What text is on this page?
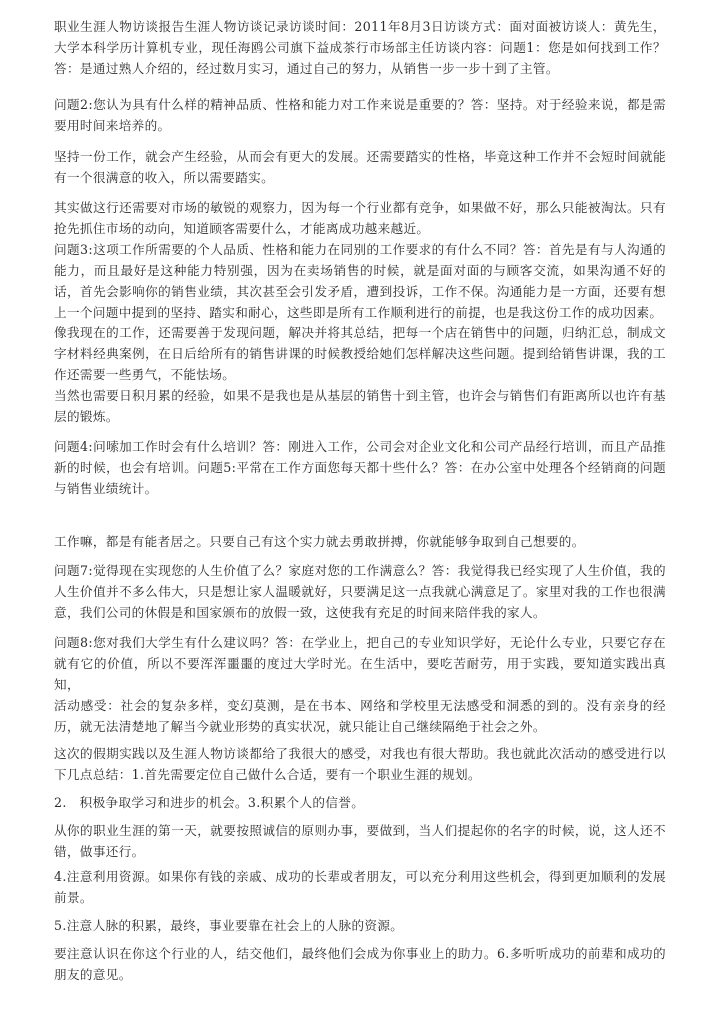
职业生涯人物访谈报告生涯人物访谈记录访谈时间：2011年8月3日访谈方式：面对面被访谈人：黄先生，大学本科学历计算机专业，现任海鸥公司旗下益成茶行市场部主任访谈内容：问题1：您是如何找到工作？答：是通过熟人介绍的，经过数月实习，通过自己的努力，从销售一步一步十到了主管。

问题2:您认为具有什么样的精神品质、性格和能力对工作来说是重要的？答：坚持。对于经验来说，都是需要用时间来培养的。

坚持一份工作，就会产生经验，从而会有更大的发展。还需要踏实的性格，毕竟这种工作并不会短时间就能有一个很满意的收入，所以需要踏实。

其实做这行还需要对市场的敏锐的观察力，因为每一个行业都有竞争，如果做不好，那么只能被淘汰。只有抢先抓住市场的动向，知道顾客需要什么，才能离成功越来越近。

问题3:这项工作所需要的个人品质、性格和能力在同别的工作要求的有什么不同？答：首先是有与人沟通的能力，而且最好是这种能力特别强，因为在卖场销售的时候，就是面对面的与顾客交流，如果沟通不好的话，首先会影响你的销售业绩，其次甚至会引发矛盾，遭到投诉，工作不保。沟通能力是一方面，还要有想上一个问题中提到的坚持、踏实和耐心，这些即是所有工作顺利进行的前提，也是我这份工作的成功因素。

像我现在的工作，还需要善于发现问题，解决并将其总结，把每一个店在销售中的问题，归纳汇总，制成文字材料经典案例，在日后给所有的销售讲课的时候教授给她们怎样解决这些问题。提到给销售讲课，我的工作还需要一些勇气，不能怯场。

当然也需要日积月累的经验，如果不是我也是从基层的销售十到主管，也许会与销售们有距离所以也许有基层的锻炼。

问题4:问嗦加工作时会有什么培训？答：刚进入工作，公司会对企业文化和公司产品经行培训，而且产品推新的时候，也会有培训。问题5:平常在工作方面您每天都十些什么？答：在办公室中处理各个经销商的问题与销售业绩统计。

工作嘛，都是有能者居之。只要自己有这个实力就去勇敢拼搏，你就能够争取到自己想要的。

问题7:觉得现在实现您的人生价值了么？家庭对您的工作满意么？答：我觉得我已经实现了人生价值，我的人生价值并不多么伟大，只是想让家人温暖就好，只要满足这一点我就心满意足了。家里对我的工作也很满意，我们公司的休假是和国家颁布的放假一致，这使我有充足的时间来陪伴我的家人。

问题8:您对我们大学生有什么建议吗？答：在学业上，把自己的专业知识学好，无论什么专业，只要它存在就有它的价值，所以不要浑浑噩噩的度过大学时光。在生活中，要吃苦耐劳，用于实践，要知道实践出真知，

活动感受：社会的复杂多样，变幻莫测，是在书本、网络和学校里无法感受和洞悉的到的。没有亲身的经历，就无法清楚地了解当今就业形势的真实状况，就只能让自己继续隔绝于社会之外。

这次的假期实践以及生涯人物访谈都给了我很大的感受，对我也有很大帮助。我也就此次活动的感受进行以下几点总结：1.首先需要定位自己做什么合适，要有一个职业生涯的规划。

2.　积极争取学习和进步的机会。3.积累个人的信誉。

从你的职业生涯的第一天，就要按照诚信的原则办事，要做到，当人们提起你的名字的时候，说，这人还不错，做事还行。

4.注意利用资源。如果你有钱的亲戚、成功的长辈或者朋友，可以充分利用这些机会，得到更加顺利的发展前景。

5.注意人脉的积累，最终，事业要靠在社会上的人脉的资源。

要注意认识在你这个行业的人，结交他们，最终他们会成为你事业上的助力。6.多听听成功的前辈和成功的朋友的意见。
